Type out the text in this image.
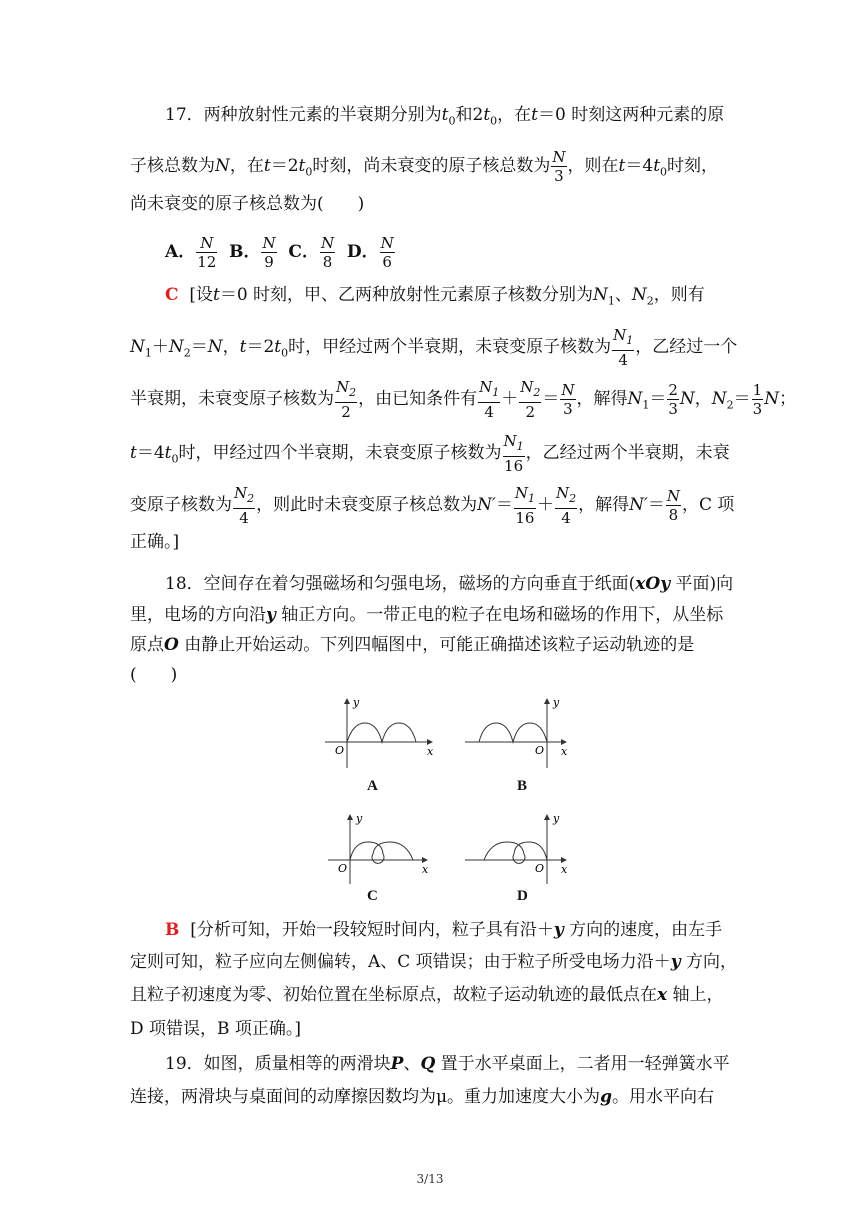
17．两种放射性元素的半衰期分别为$t_0$和$2t_0$，在t＝0 时刻这两种元素的原
子核总数为N，在$t=2t_0$时刻，尚未衰变的原子核总数为 $\frac{N}{3}$ ，则在$t=4t_0$时刻，
尚未衰变的原子核总数为(　　)
A． $\frac{N}{12}$ B． $\frac{N}{9}$ C． $\frac{N}{8}$ D． $\frac{N}{6}$
C [设t＝0 时刻，甲、乙两种放射性元素原子核数分别为$N_1$、$N_2$，则有
$N_1+N_2=N$，$t=2t_0$时，甲经过两个半衰期，未衰变原子核数为 $\frac{N_1}{4}$ ，乙经过一个
半衰期，未衰变原子核数为 $\frac{N_2}{2}$ ，由已知条件有 $\frac{N_1}{4} + \frac{N_2}{2} = \frac{N}{3}$ ，解得$N_1= \frac{2}{3}$ N，$N_2= \frac{1}{3}$ N；
$t=4t_0$时，甲经过四个半衰期，未衰变原子核数为 $\frac{N_1}{16}$ ，乙经过两个半衰期，未衰
变原子核数为 $\frac{N_2}{4}$ ，则此时未衰变原子核总数为$N'= \frac{N_1}{16} + \frac{N_2}{4}$ ，解得$N'= \frac{N}{8}$ ，C 项
正确。]
18．空间存在着匀强磁场和匀强电场，磁场的方向垂直于纸面(xOy 平面)向
里，电场的方向沿y 轴正方向。一带正电的粒子在电场和磁场的作用下，从坐标
原点O 由静止开始运动。下列四幅图中，可能正确描述该粒子运动轨迹的是
(　　)
y
x
O
A
y
x
O
B
y
x
O
C
y
x
O
D
B [分析可知，开始一段较短时间内，粒子具有沿＋y 方向的速度，由左手
定则可知，粒子应向左侧偏转，A、C 项错误；由于粒子所受电场力沿＋y 方向，
且粒子初速度为零、初始位置在坐标原点，故粒子运动轨迹的最低点在x 轴上，
D 项错误，B 项正确。]
19．如图，质量相等的两滑块P、Q 置于水平桌面上，二者用一轻弹簧水平
连接，两滑块与桌面间的动摩擦因数均为μ。重力加速度大小为g。用水平向右
3/13
